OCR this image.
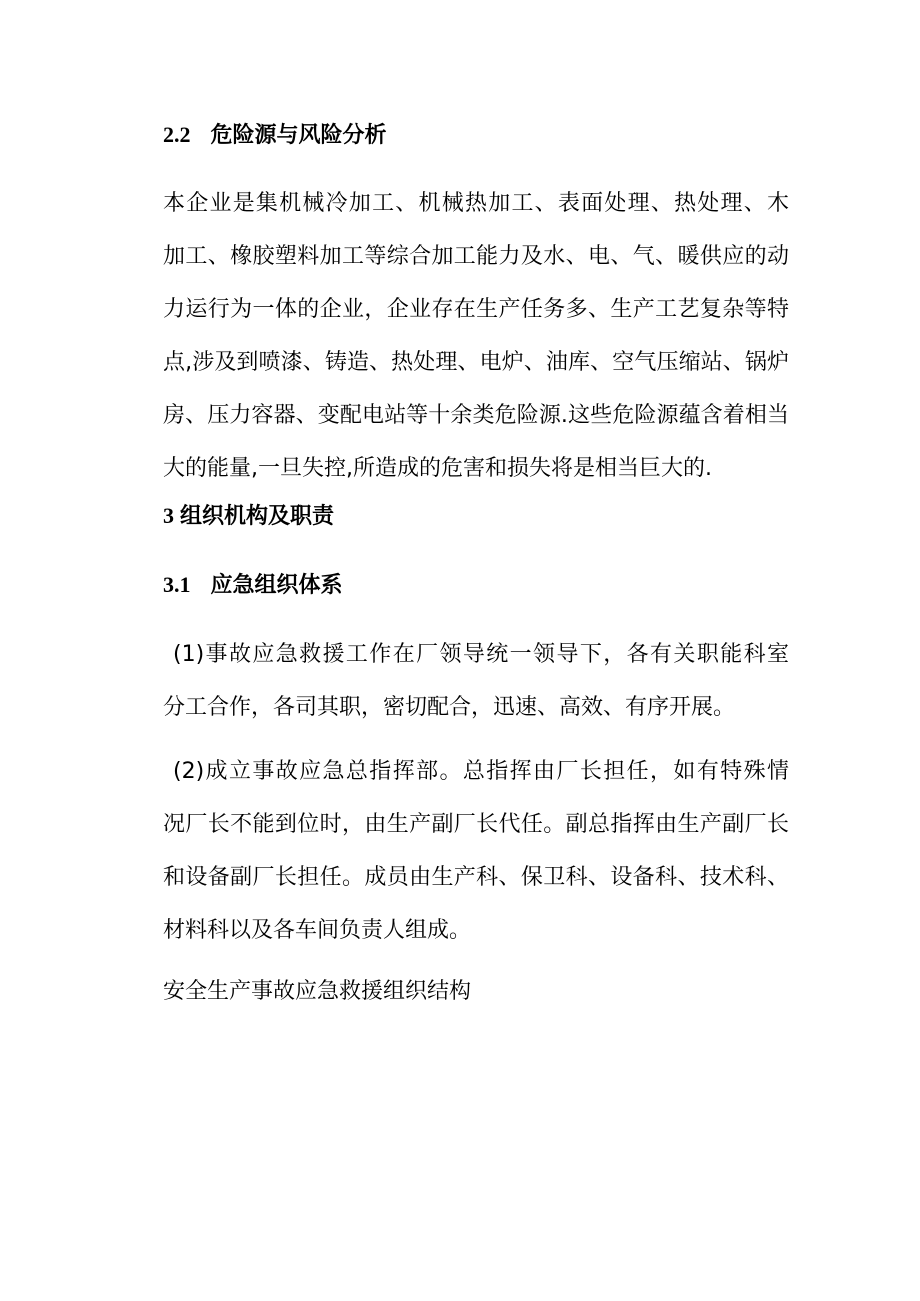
2.2 危险源与风险分析
本企业是集机械冷加工、机械热加工、表面处理、热处理、木
加工、橡胶塑料加工等综合加工能力及水、电、气、暖供应的动
力运行为一体的企业，企业存在生产任务多、生产工艺复杂等特
点,涉及到喷漆、铸造、热处理、电炉、油库、空气压缩站、锅炉
房、压力容器、变配电站等十余类危险源.这些危险源蕴含着相当
大的能量,一旦失控,所造成的危害和损失将是相当巨大的.
3 组织机构及职责
3.1 应急组织体系
(1)事故应急救援工作在厂领导统一领导下，各有关职能科室
分工合作，各司其职，密切配合，迅速、高效、有序开展。
(2)成立事故应急总指挥部。总指挥由厂长担任，如有特殊情
况厂长不能到位时，由生产副厂长代任。副总指挥由生产副厂长
和设备副厂长担任。成员由生产科、保卫科、设备科、技术科、
材料科以及各车间负责人组成。
安全生产事故应急救援组织结构
